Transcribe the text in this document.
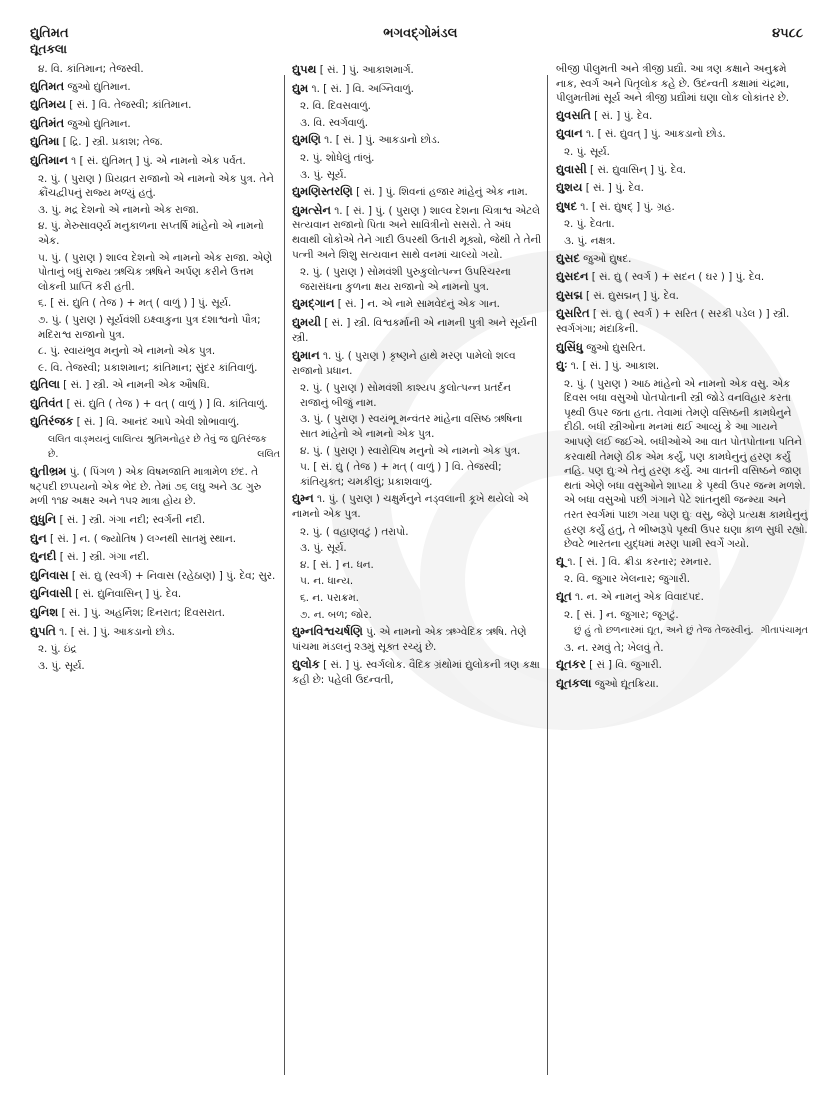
દ્યુતિમત	ભગવદ્ગોમંડલ	૪૫૮૮
દ્યૂતકલા
૪. વિ. કાંતિમાન; તેજસ્વી.
દ્યુતિમત જુઓ દ્યુતિમાન.
દ્યુતિમય [ સં. ] વિ. તેજસ્વી; કાંતિમાન.
દ્યુતિમંત જુઓ દ્યુતિમાન.
દ્યુતિમા [ દ્રિ. ] સ્ત્રી. પ્રકાશ; તેજ.
દ્યુતિમાન ૧ [ સં. દ્યુતિમત્ ] પું. એ નામનો એક પર્વત.
૨. પું. ( પુરાણ ) પ્રિયવ્રત રાજાનો એ નામનો એક પુત્ર. તેને ક્રૌંચદ્વીપનું રાજ્ય મળ્યું હતું.
૩. પું. મદ્ર દેશનો એ નામનો એક રાજા.
૪. પું. મેરુસાવર્ણ્ય મનુકાળના સપ્તર્ષિ માંહેનો એ નામનો એક.
૫. પું. ( પુરાણ ) શાલ્વ દેશનો એ નામનો એક રાજા. એણે પોતાનું બધું રાજ્ય ઋચિક ઋષિને અર્પણ કરીને ઉત્તમ લોકની પ્રાપ્તિ કરી હતી.
૬. [ સં. દ્યુતિ ( તેજ ) + મત્ ( વાળું ) ] પું. સૂર્ય.
૭. પું. ( પુરાણ ) સૂર્યવંશી ઇક્ષ્વાકુના પુત્ર દશાશ્વનો પૌત્ર; મદિરાશ્વ રાજાનો પુત્ર.
૮. પું. સ્વાયંભુવ મનુનો એ નામનો એક પુત્ર.
૯. વિ. તેજસ્વી; પ્રકાશમાન; કાંતિમાન; સુંદર કાંતિવાળું.
દ્યુતિલા [ સં. ] સ્ત્રી. એ નામની એક ઔષધિ.
દ્યુતિવંત [ સં. દ્યુતિ ( તેજ ) + વત્ ( વાળું ) ] વિ. કાંતિવાળું.
દ્યુતિરંજક [ સં. ] વિ. આનંદ આપે એવી શોભાવાળું.
લલિત વાઙ્મયનું લાલિત્ય શ્રુતિમનોહર છે તેવું જ દ્યુતિરંજક છે.	લલિત
દ્યુતીભ્રમ પું. ( પિંગળ ) એક વિષમજાતિ માત્રામેળ છંદ. તે ષટ્પદી છપ્પયનો એક ભેદ છે. તેમાં ૭૬ લઘુ અને ૩૮ ગુરુ મળી ૧૧૪ અક્ષર અને ૧૫૨ માત્રા હોય છે.
દ્યુધુનિ [ સં. ] સ્ત્રી. ગંગા નદી; સ્વર્ગની નદી.
દ્યુન [ સં. ] ન. ( જ્યોતિષ ) લગ્નથી સાતમું સ્થાન.
દ્યુનદી [ સં. ] સ્ત્રી. ગંગા નદી.
દ્યુનિવાસ [ સં. દ્યુ (સ્વર્ગ) + નિવાસ (રહેઠાણ) ] પું. દેવ; સુર.
દ્યુનિવાસી [ સં. દ્યુનિવાસિન્ ] પું. દેવ.
દ્યુનિશ [ સં. ] પું. અહર્નિશ; દિનરાત; દિવસરાત.
દ્યુપતિ ૧. [ સં. ] પું. આકડાનો છોડ.
૨. પું. ઇંદ્ર
૩. પું. સૂર્ય.
દ્યુપથ [ સં. ] પું. આકાશમાર્ગ.
દ્યુમ ૧. [ સં. ] વિ. અગ્નિવાળું.
૨. વિ. દિવસવાળું.
૩. વિ. સ્વર્ગવાળું.
દ્યુમણિ ૧. [ સં. ] પું. આકડાનો છોડ.
૨. પું. શોધેલું તાંબું.
૩. પું. સૂર્ય.
દ્યુમણિસ્તરણિ [ સં. ] પું. શિવનાં હજાર માંહેનું એક નામ.
દ્યુમત્સેન ૧. [ સં. ] પું. ( પુરાણ ) શાલ્વ દેશના ચિત્રાશ્વ એટલે સત્યવાન રાજાનો પિતા અને સાવિત્રીનો સસરો. તે અંધ થવાથી લોકોએ તેને ગાદી ઉપરથી ઉતારી મૂક્યો, જેથી તે તેની પત્ની અને શિશુ સત્યવાન સાથે વનમાં ચાલ્યો ગયો.
૨. પું. ( પુરાણ ) સોમવંશી પુરુકુલોત્પન્ન ઉપરિચરના જરાસંધના કુળના ક્ષય રાજાનો એ નામનો પુત્ર.
દ્યુમદ્ગાન [ સં. ] ન. એ નામે સામવેદનું એક ગાન.
દ્યુમયી [ સં. ] સ્ત્રી. વિશ્વકર્માની એ નામની પુત્રી અને સૂર્યની સ્ત્રી.
દ્યુમાન ૧. પું. ( પુરાણ ) કૃષ્ણને હાથે મરણ પામેલો શલ્વ રાજાનો પ્રધાન.
૨. પું. ( પુરાણ ) સોમવંશી કાશ્યપ કુલોત્પન્ન પ્રતર્દન રાજાનું બીજું નામ.
૩. પું. ( પુરાણ ) સ્વયંભૂ મન્વંતર માંહેના વસિષ્ઠ ઋષિના સાત માંહેનો એ નામનો એક પુત્ર.
૪. પું. ( પુરાણ ) સ્વારોચિષ મનુનો એ નામનો એક પુત્ર.
૫. [ સં. દ્યુ ( તેજ ) + મત્ ( વાળું ) ] વિ. તેજસ્વી; કાંતિયુક્ત; ચમકીલું; પ્રકાશવાળું.
દ્યુમ્ન ૧. પું. ( પુરાણ ) ચક્ષુર્મનુને નડ્વલાની કૂખે થયેલો એ નામનો એક પુત્ર.
૨. પું. ( વહાણવટું ) તરાપો.
૩. પું. સૂર્ય.
૪. [ સં. ] ન. ધન.
૫. ન. ધાન્ય.
૬. ન. પરાક્રમ.
૭. ન. બળ; જોર.
દ્યુમ્નવિશ્વચર્ષણિ પું. એ નામનો એક ઋગ્વેદિક ઋષિ. તેણે પાંચમા મંડલનું ૨૩મું સૂક્ત રચ્યું છે.
દ્યુલોક [ સં. ] પું. સ્વર્ગલોક. વૈદિક ગ્રંથોમાં દ્યુલોકની ત્રણ કક્ષા કહી છે: પહેલી ઉદન્વતી,
બીજી પીલુમતી અને ત્રીજી પ્રદ્યૌ. આ ત્રણ કક્ષાને અનુક્રમે નાક, સ્વર્ગ અને પિતૃલોક કહે છે. ઉદન્વતી કક્ષામાં ચંદ્રમા, પીલુમતીમાં સૂર્ય અને ત્રીજી પ્રદ્યૌમાં ઘણા લોક લોકાંતર છે.
દ્યુવસતિ [ સં. ] પું. દેવ.
દ્યુવાન ૧. [ સં. દ્યુવત્ ] પું. આકડાનો છોડ.
૨. પું. સૂર્ય.
દ્યુવાસી [ સં. દ્યુવાસિન્ ] પું. દેવ.
દ્યુશય [ સં. ] પું. દેવ.
દ્યુષદ ૧. [ સં. દ્યુષદ્ ] પું. ગ્રહ.
૨. પું. દેવતા.
૩. પું. નક્ષત્ર.
દ્યુસદ જુઓ દ્યુષદ.
દ્યુસદન [ સં. દ્યુ ( સ્વર્ગ ) + સદન ( ઘર ) ] પું. દેવ.
દ્યુસદ્મ [ સં. દ્યુસદ્મન્ ] પું. દેવ.
દ્યુસરિત [ સં. દ્યુ ( સ્વર્ગ ) + સરિત ( સરકી પડેલ ) ] સ્ત્રી. સ્વર્ગગંગા; મંદાકિની.
દ્યુસિંધુ જુઓ દ્યુસરિત.
દ્યુઃ ૧. [ સં. ] પું. આકાશ.
૨. પું. ( પુરાણ ) આઠ માંહેનો એ નામનો એક વસુ. એક દિવસ બધા વસુઓ પોતપોતાની સ્ત્રી જોડે વનવિહાર કરતા પૃથ્વી ઉપર જતા હતા. તેવામાં તેમણે વસિષ્ઠની કામધેનુને દીઠી. બધી સ્ત્રીઓના મનમાં થઈ આવ્યું કે આ ગાયને આપણે લઈ જઈએ. બધીઓએ આ વાત પોતપોતાના પતિને કરવાથી તેમણે ઠીક એમ કર્યું, પણ કામધેનુનું હરણ કર્યું નહિ. પણ દ્યુઃએ તેનું હરણ કર્યું. આ વાતની વસિષ્ઠને જાણ થતાં એણે બધા વસુઓને શાપ્યા કે પૃથ્વી ઉપર જન્મ મળશે. એ બધા વસુઓ પછી ગંગાને પેટે શાંતનુથી જન્મ્યા અને તરત સ્વર્ગમાં પાછા ગયા પણ દ્યુઃ વસુ, જેણે પ્રત્યક્ષ કામધેનુનું હરણ કર્યું હતું, તે ભીષ્મરૂપે પૃથ્વી ઉપર ઘણા કાળ સુધી રહ્યો. છેવટે ભારતના યુદ્ધમાં મરણ પામી સ્વર્ગે ગયો.
દ્યૂ ૧. [ સં. ] વિ. ક્રીડા કરનાર; રમનાર.
૨. વિ. જુગાર ખેલનાર; જુગારી.
દ્યૂત ૧. ન. એ નામનું એક વિવાદપદ.
૨. [ સં. ] ન. જુગાર; જૂગટું.
છું હું તો છળનારમાં દ્યૂત, અને છું તેજ તેજસ્વીનું. ગીતાપંચામૃત
૩. ન. રમવું તે; ખેલવું તે.
દ્યૂતકર [ સં ] વિ. જુગારી.
દ્યૂતકલા જુઓ દ્યૂતક્રિયા.
